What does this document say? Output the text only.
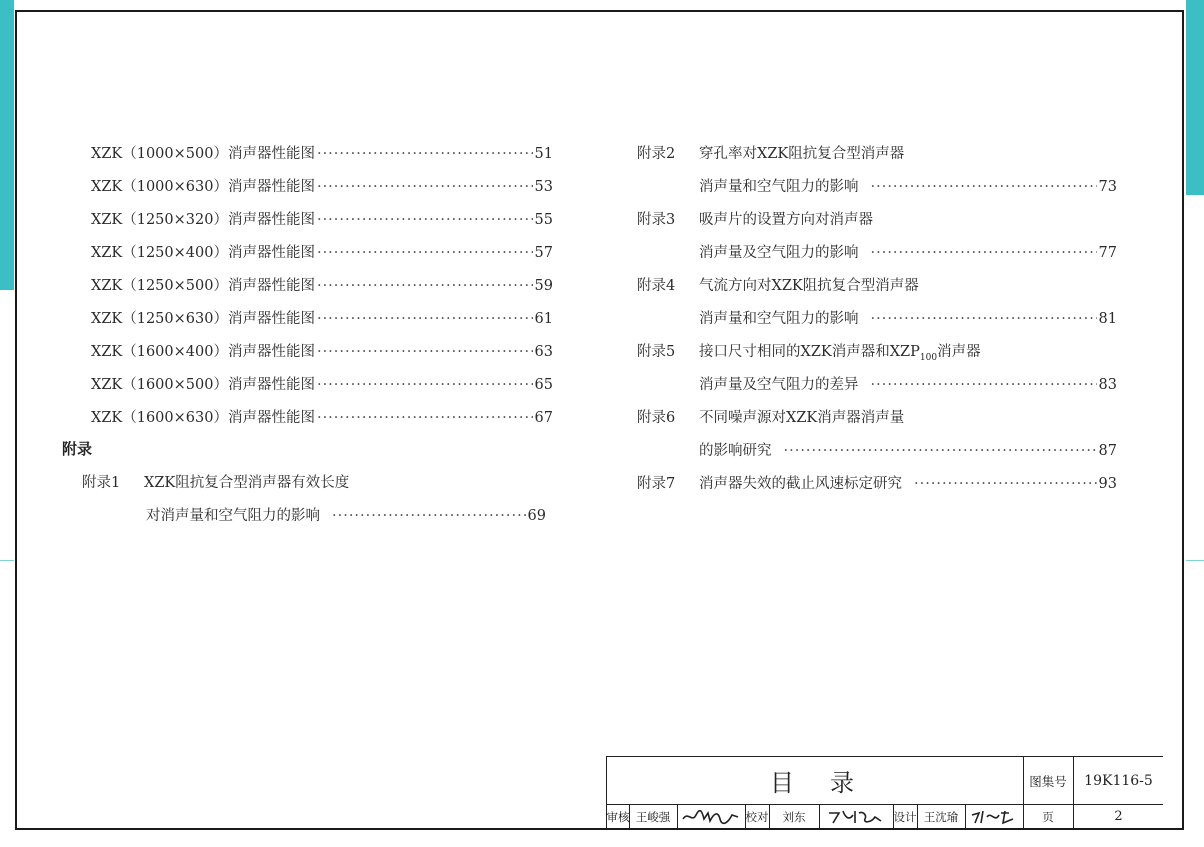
XZK（1000×500）消声器性能图 ·····	51
XZK（1000×630）消声器性能图 ·····	53
XZK（1250×320）消声器性能图 ·····	55
XZK（1250×400）消声器性能图 ·····	57
XZK（1250×500）消声器性能图 ·····	59
XZK（1250×630）消声器性能图 ·····	61
XZK（1600×400）消声器性能图 ·····	63
XZK（1600×500）消声器性能图 ·····	65
XZK（1600×630）消声器性能图 ·····	67
附录
附录1 XZK阻抗复合型消声器有效长度
对消声量和空气阻力的影响 ·····	69
附录2 穿孔率对XZK阻抗复合型消声器
消声量和空气阻力的影响 ·····	73
附录3 吸声片的设置方向对消声器
消声量及空气阻力的影响 ·····	77
附录4 气流方向对XZK阻抗复合型消声器
消声量和空气阻力的影响 ·····	81
附录5 接口尺寸相同的XZK消声器和$XZP_{100}$消声器
消声量及空气阻力的差异 ·····	83
附录6 不同噪声源对XZK消声器消声量
的影响研究 ·····	87
附录7	消声器失效的截止风速标定研究 ·····	93
目　录	图集号	19K116-5
审核 王峻强	校对	刘东	设计 王沈瑜	页	2
